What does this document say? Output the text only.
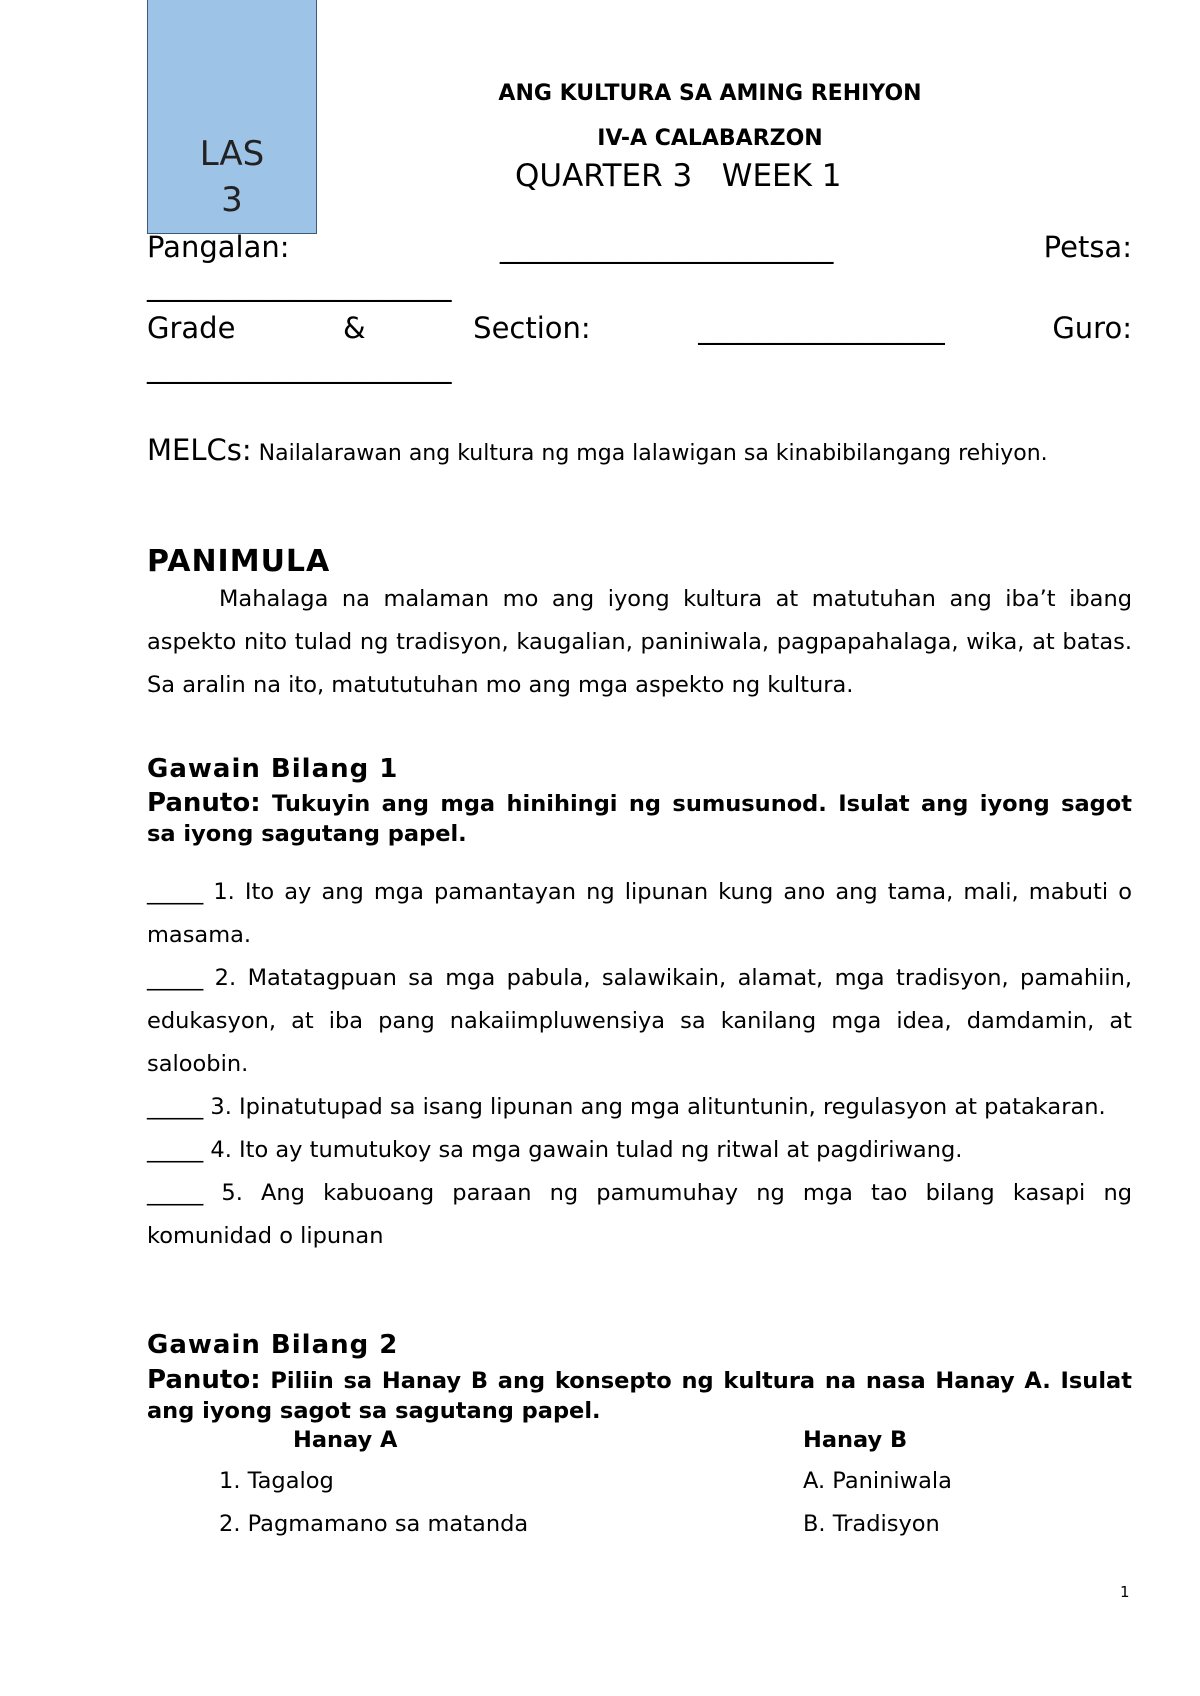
LAS
3
ANG KULTURA SA AMING REHIYON
IV-A CALABARZON
QUARTER 3 WEEK 1
Pangalan:	_______________________	Petsa:
_____________________
Grade	&	Section:	_________________	Guro:
_____________________
MELCs: Nailalarawan ang kultura ng mga lalawigan sa kinabibilangang rehiyon.
PANIMULA
Mahalaga na malaman mo ang iyong kultura at matutuhan ang iba’t ibang aspekto nito tulad ng tradisyon, kaugalian, paniniwala, pagpapahalaga, wika, at batas. Sa aralin na ito, matututuhan mo ang mga aspekto ng kultura.
Gawain Bilang 1
Panuto: Tukuyin ang mga hinihingi ng sumusunod. Isulat ang iyong sagot sa iyong sagutang papel.
_____ 1. Ito ay ang mga pamantayan ng lipunan kung ano ang tama, mali, mabuti o masama.
_____ 2. Matatagpuan sa mga pabula, salawikain, alamat, mga tradisyon, pamahiin, edukasyon, at iba pang nakaiimpluwensiya sa kanilang mga idea, damdamin, at saloobin.
_____ 3. Ipinatutupad sa isang lipunan ang mga alituntunin, regulasyon at patakaran.
_____ 4. Ito ay tumutukoy sa mga gawain tulad ng ritwal at pagdiriwang.
_____ 5. Ang kabuoang paraan ng pamumuhay ng mga tao bilang kasapi ng komunidad o lipunan
Gawain Bilang 2
Panuto: Piliin sa Hanay B ang konsepto ng kultura na nasa Hanay A. Isulat ang iyong sagot sa sagutang papel.
Hanay A	Hanay B
1. Tagalog	A. Paniniwala
2. Pagmamano sa matanda	B. Tradisyon
1
